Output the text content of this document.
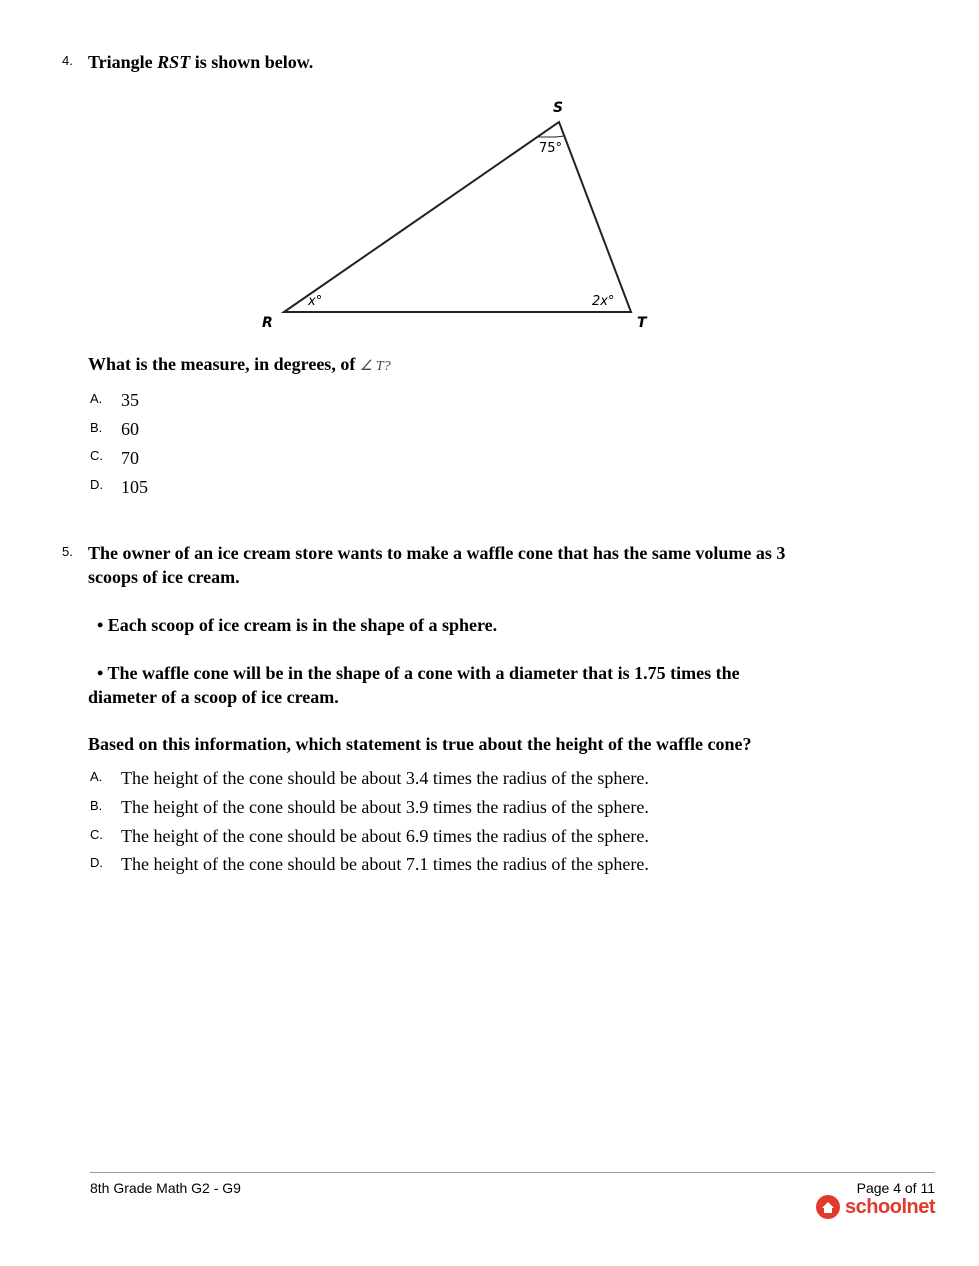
4. Triangle RST is shown below.
S
R	T
75°
x°	2x°
What is the measure, in degrees, of ∠ T?
A. 35
B. 60
C. 70
D. 105
5. The owner of an ice cream store wants to make a waffle cone that has the same volume as 3
scoops of ice cream.
• Each scoop of ice cream is in the shape of a sphere.
• The waffle cone will be in the shape of a cone with a diameter that is 1.75 times the
diameter of a scoop of ice cream.
Based on this information, which statement is true about the height of the waffle cone?
A. The height of the cone should be about 3.4 times the radius of the sphere.
B. The height of the cone should be about 3.9 times the radius of the sphere.
C. The height of the cone should be about 6.9 times the radius of the sphere.
D. The height of the cone should be about 7.1 times the radius of the sphere.
8th Grade Math G2 - G9	Page 4 of 11
schoolnet
